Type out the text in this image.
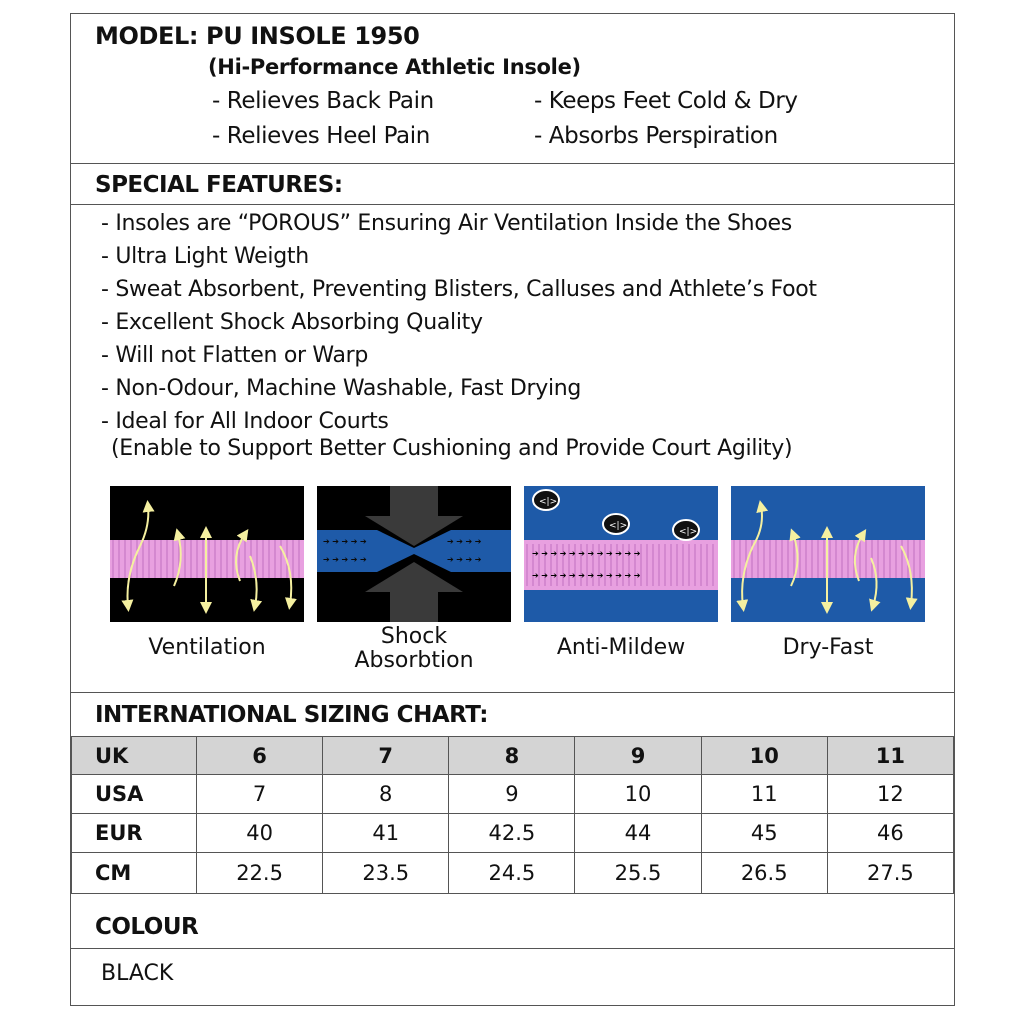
MODEL: PU INSOLE 1950
(Hi-Performance Athletic Insole)
- Relieves Back Pain	- Keeps Feet Cold & Dry
- Relieves Heel Pain	- Absorbs Perspiration
SPECIAL FEATURES:
- Insoles are “POROUS” Ensuring Air Ventilation Inside the Shoes
- Ultra Light Weigth
- Sweat Absorbent, Preventing Blisters, Calluses and Athlete’s Foot
- Excellent Shock Absorbing Quality
- Will not Flatten or Warp
- Non-Odour, Machine Washable, Fast Drying
- Ideal for All Indoor Courts
(Enable to Support Better Cushioning and Provide Court Agility)
➔ ➔ ➔ ➔ ➔
➔ ➔ ➔ ➔ ➔
➔ ➔ ➔ ➔
➔ ➔ ➔ ➔
➔ ➔ ➔ ➔ ➔ ➔ ➔ ➔ ➔ ➔ ➔ ➔
➔ ➔ ➔ ➔ ➔ ➔ ➔ ➔ ➔ ➔ ➔ ➔
<|>
<|>
<|>
Ventilation	Shock
Absorbtion
Anti-Mildew	Dry-Fast
INTERNATIONAL SIZING CHART:
UK	6	7	8	9	10	11
USA	7	8	9	10	11	12
EUR	40	41	42.5	44	45	46
CM	22.5	23.5	24.5	25.5	26.5	27.5
COLOUR
BLACK
